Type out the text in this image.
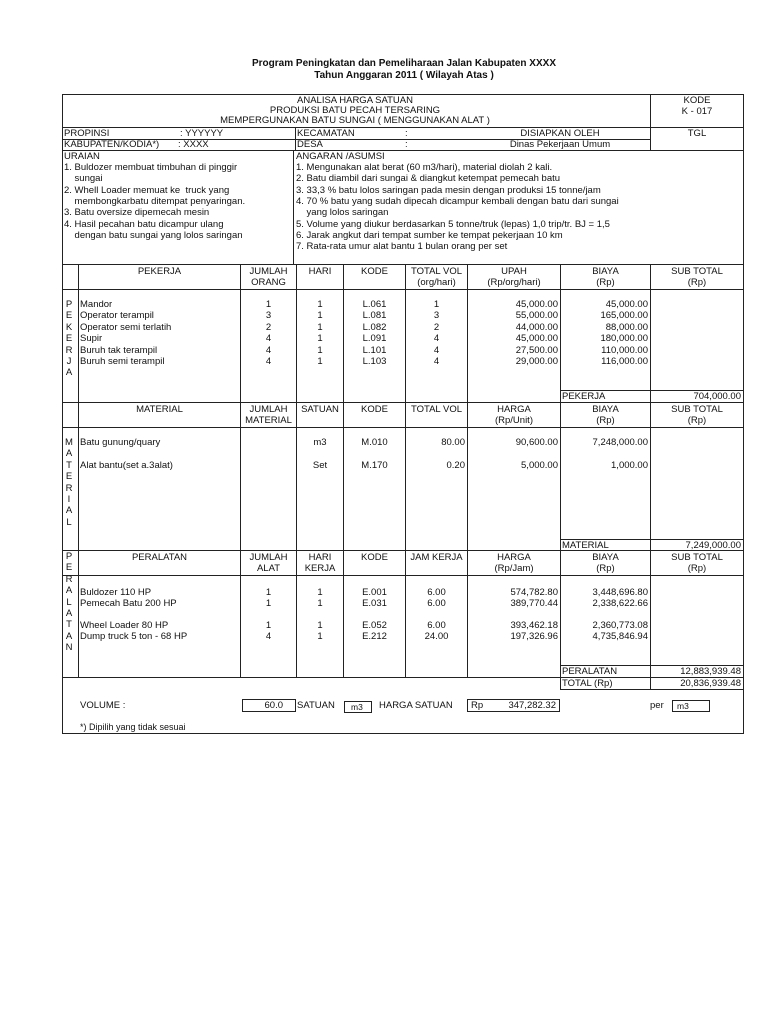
Program Peningkatan dan Pemeliharaan Jalan Kabupaten XXXX
Tahun Anggaran 2011 ( Wilayah Atas )
ANALISA HARGA SATUAN
PRODUKSI BATU PECAH TERSARING
MEMPERGUNAKAN BATU SUNGAI ( MENGGUNAKAN ALAT )
KODE
K - 017
PROPINSI	: YYYYYY
KABUPATEN/KODIA*) : XXXX
KECAMATAN	:
DESA	:
DISIAPKAN OLEH
Dinas Pekerjaan Umum
TGL
URAIAN
1. Buldozer membuat timbuhan di pinggir
sungai
2. Whell Loader memuat ke  truck yang
membongkarbatu ditempat penyaringan.
3. Batu oversize dipemecah mesin
4. Hasil pecahan batu dicampur ulang
dengan batu sungai yang lolos saringan
ANGARAN /ASUMSI
1. Mengunakan alat berat (60 m3/hari), material diolah 2 kali.
2. Batu diambil dari sungai & diangkut ketempat pemecah batu
3. 33,3 % batu lolos saringan pada mesin dengan produksi 15 tonne/jam
4. 70 % batu yang sudah dipecah dicampur kembali dengan batu dari sungai
yang lolos saringan
5. Volume yang diukur berdasarkan 5 tonne/truk (lepas) 1,0 trip/tr. BJ = 1,5
6. Jarak angkut dari tempat sumber ke tempat pekerjaan 10 km
7. Rata-rata umur alat bantu 1 bulan orang per set
PEKERJA	JUMLAH
ORANG
HARI	KODE	TOTAL VOL
(org/hari)
UPAH
(Rp/org/hari)
BIAYA
(Rp)
SUB TOTAL
(Rp)
P
E
K
E
R
J
A
Mandor	1	1	L.061	1	45,000.00	45,000.00
Operator terampil	3	1	L.081	3	55,000.00	165,000.00
Operator semi terlatih	2	1	L.082	2	44,000.00	88,000.00
Supir	4	1	L.091	4	45,000.00	180,000.00
Buruh tak terampil	4	1	L.101	4	27,500.00	110,000.00
Buruh semi terampil	4	1	L.103	4	29,000.00	116,000.00
PEKERJA	704,000.00
MATERIAL	JUMLAH
MATERIAL
SATUAN	KODE	TOTAL VOL	HARGA
(Rp/Unit)
BIAYA
(Rp)
SUB TOTAL
(Rp)
M
A
T
E
R
I
A
L
Batu gunung/quary	m3	M.010	80.00	90,600.00	7,248,000.00
Alat bantu(set a.3alat)	Set	M.170	0.20	5,000.00	1,000.00
MATERIAL	7,249,000.00
PERALATAN	JUMLAH
ALAT
HARI
KERJA
KODE	JAM KERJA	HARGA
(Rp/Jam)
BIAYA
(Rp)
SUB TOTAL
(Rp)
P
E
R
A
L
A
T
A
N
Buldozer 110 HP	1	1	E.001	6.00	574,782.80	3,448,696.80
Pemecah Batu 200 HP	1	1	E.031	6.00	389,770.44	2,338,622.66
Wheel Loader 80 HP	1	1	E.052	6.00	393,462.18	2,360,773.08
Dump truck 5 ton - 68 HP	4	1	E.212	24.00	197,326.96	4,735,846.94
PERALATAN	12,883,939.48
TOTAL (Rp)	20,836,939.48
VOLUME :	60.0	SATUAN	m3	HARGA SATUAN Rp	347,282.32	per	m3
*) Dipilih yang tidak sesuai
